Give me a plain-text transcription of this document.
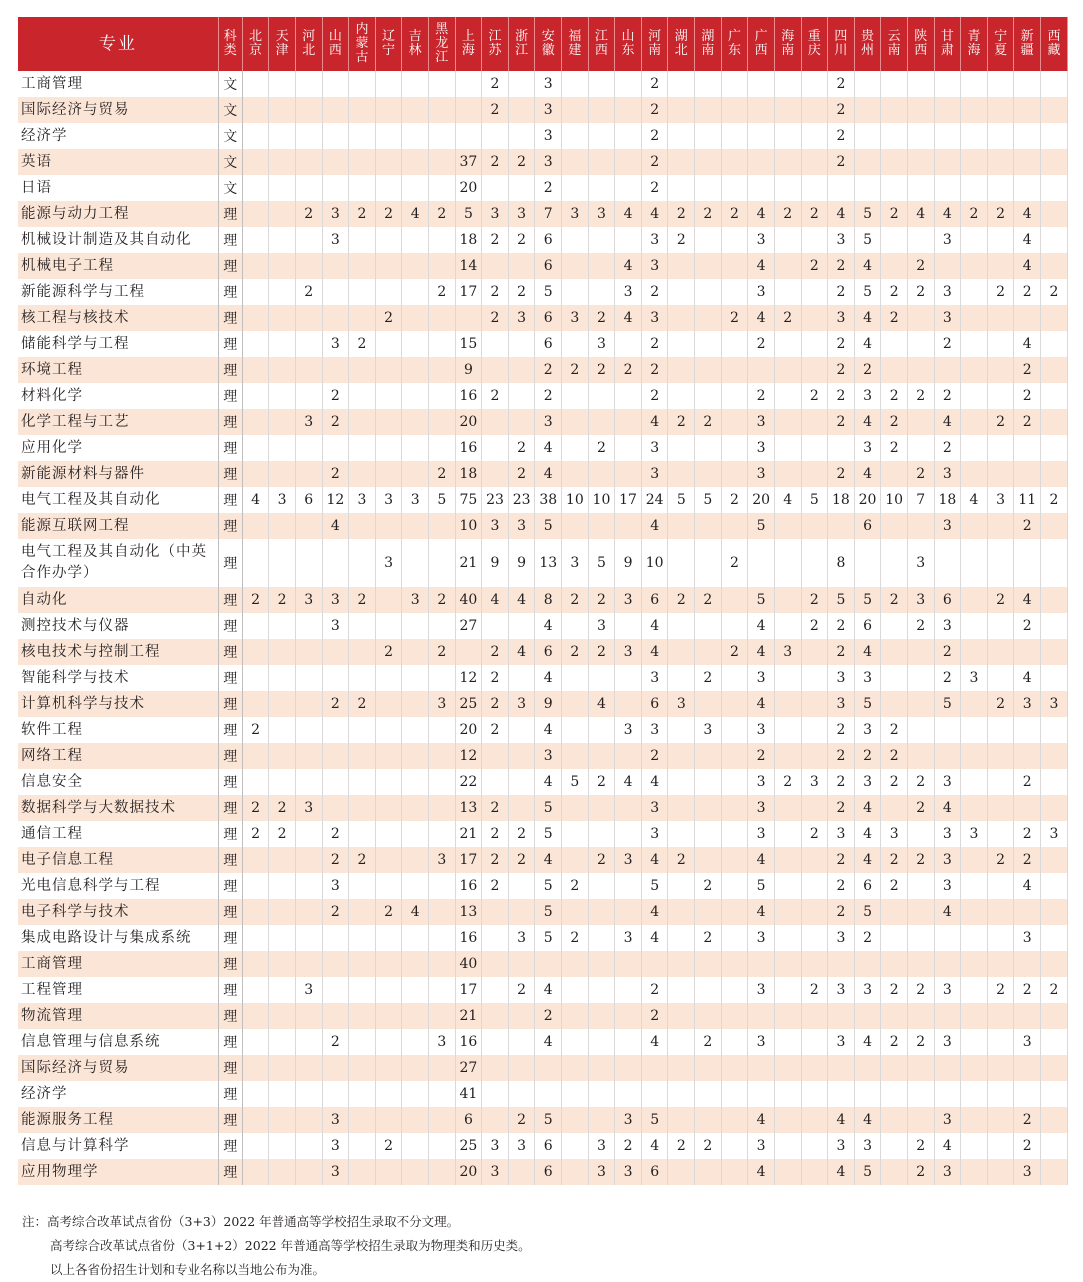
专业	科类	北京	天津	河北	山西	内蒙古	辽宁	吉林	黑龙江	上海	江苏	浙江	安徽	福建	江西	山东	河南	湖北	湖南	广东	广西	海南	重庆	四川	贵州	云南	陕西	甘肃	青海	宁夏	新疆	西藏
工商管理	文										2		3				2							2								
国际经济与贸易	文										2		3				2							2								
经济学	文												3				2							2								
英语	文									37	2	2	3				2							2								
日语	文									20			2				2															
能源与动力工程	理			2	3	2	2	4	2	5	3	3	7	3	3	4	4	2	2	2	4	2	2	4	5	2	4	4	2	2	4	
机械设计制造及其自动化	理				3					18	2	2	6				3	2			3			3	5			3			4	
机械电子工程	理									14			6			4	3				4		2	2	4		2				4	
新能源科学与工程	理			2					2	17	2	2	5			3	2				3			2	5	2	2	3		2	2	2
核工程与核技术	理						2				2	3	6	3	2	4	3			2	4	2		3	4	2		3				
储能科学与工程	理				3	2				15			6		3		2				2			2	4			2			4	
环境工程	理									9			2	2	2	2	2							2	2						2	
材料化学	理				2					16	2		2				2				2		2	2	3	2	2	2			2	
化学工程与工艺	理			3	2					20			3				4	2	2		3			2	4	2		4		2	2	
应用化学	理									16		2	4		2		3				3				3	2		2				
新能源材料与器件	理				2				2	18		2	4				3				3			2	4		2	3				
电气工程及其自动化	理	4	3	6	12	3	3	3	5	75	23	23	38	10	10	17	24	5	5	2	20	4	5	18	20	10	7	18	4	3	11	2
能源互联网工程	理				4					10	3	3	5				4				5				6			3			2	
电气工程及其自动化（中英合作办学）	理						3			21	9	9	13	3	5	9	10			2				8			3					
自动化	理	2	2	3	3	2		3	2	40	4	4	8	2	2	3	6	2	2		5		2	5	5	2	3	6		2	4	
测控技术与仪器	理				3					27			4		3		4				4		2	2	6		2	3			2	
核电技术与控制工程	理						2		2		2	4	6	2	2	3	4			2	4	3		2	4			2				
智能科学与技术	理									12	2		4				3		2		3			3	3			2	3		4	
计算机科学与技术	理				2	2			3	25	2	3	9		4		6	3			4			3	5			5		2	3	3
软件工程	理	2								20	2		4			3	3		3		3			2	3	2						
网络工程	理									12			3				2				2			2	2	2						
信息安全	理									22			4	5	2	4	4				3	2	3	2	3	2	2	3			2	
数据科学与大数据技术	理	2	2	3						13	2		5				3				3			2	4		2	4				
通信工程	理	2	2		2					21	2	2	5				3				3		2	3	4	3		3	3		2	3
电子信息工程	理				2	2			3	17	2	2	4		2	3	4	2			4			2	4	2	2	3		2	2	
光电信息科学与工程	理				3					16	2		5	2			5		2		5			2	6	2		3			4	
电子科学与技术	理				2		2	4		13			5				4				4			2	5			4				
集成电路设计与集成系统	理									16		3	5	2		3	4		2		3			3	2						3	
工商管理	理									40																						
工程管理	理			3						17		2	4				2				3		2	3	3	2	2	3		2	2	2
物流管理	理									21			2				2															
信息管理与信息系统	理				2				3	16			4				4		2		3			3	4	2	2	3			3	
国际经济与贸易	理									27																						
经济学	理									41																						
能源服务工程	理				3					6		2	5			3	5				4			4	4			3			2	
信息与计算科学	理				3		2			25	3	3	6		3	2	4	2	2		3			3	3		2	4			2	
应用物理学	理				3					20	3		6		3	3	6				4			4	5		2	3			3	
注：高考综合改革试点省份（3+3）2022 年普通高等学校招生录取不分文理。
高考综合改革试点省份（3+1+2）2022 年普通高等学校招生录取为物理类和历史类。
以上各省份招生计划和专业名称以当地公布为准。
